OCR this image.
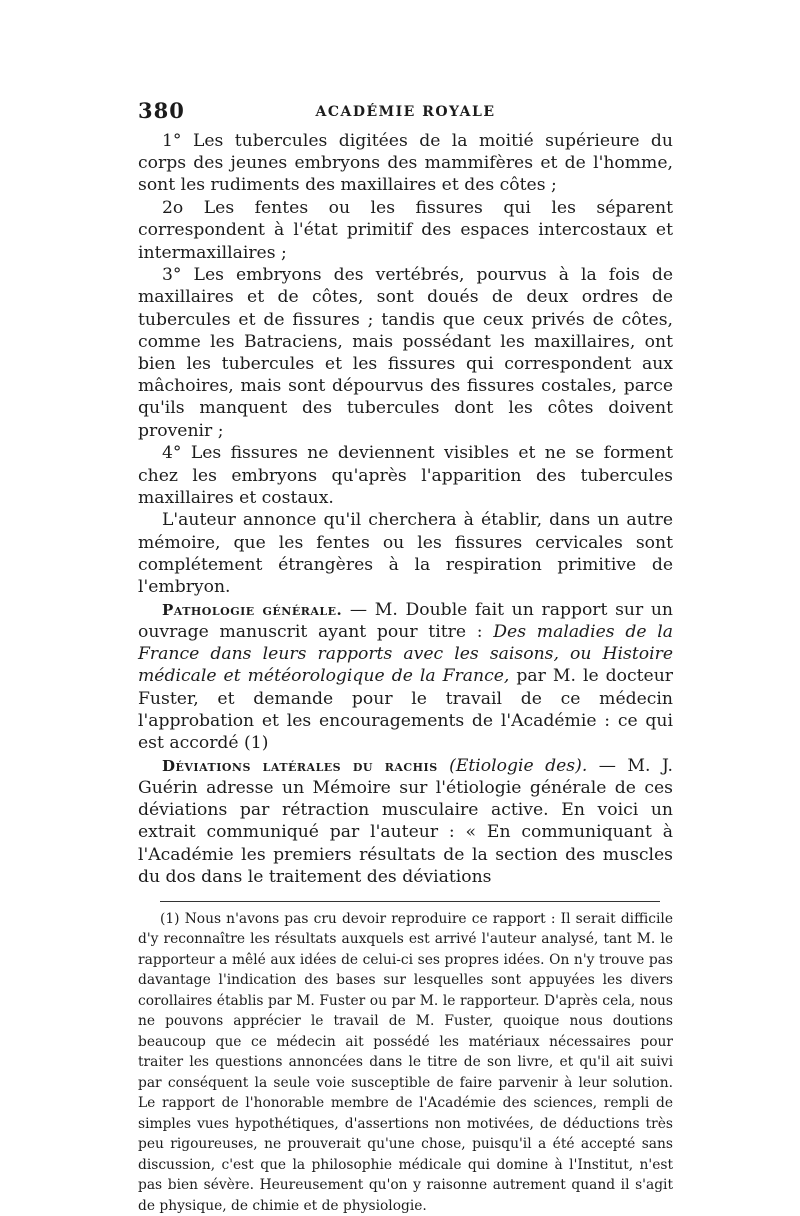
380	ACADÉMIE ROYALE

1° Les tubercules digitées de la moitié supérieure du corps des jeunes embryons des mammifères et de l'homme, sont les rudiments des maxillaires et des côtes ;

2o Les fentes ou les fissures qui les séparent correspondent à l'état primitif des espaces intercostaux et intermaxillaires ;

3° Les embryons des vertébrés, pourvus à la fois de maxillaires et de côtes, sont doués de deux ordres de tubercules et de fissures ; tandis que ceux privés de côtes, comme les Batraciens, mais possédant les maxillaires, ont bien les tubercules et les fissures qui correspondent aux mâchoires, mais sont dépourvus des fissures costales, parce qu'ils manquent des tubercules dont les côtes doivent provenir ;

4° Les fissures ne deviennent visibles et ne se forment chez les embryons qu'après l'apparition des tubercules maxillaires et costaux.

L'auteur annonce qu'il cherchera à établir, dans un autre mémoire, que les fentes ou les fissures cervicales sont complétement étrangères à la respiration primitive de l'embryon.

Pathologie générale. — M. Double fait un rapport sur un ouvrage manuscrit ayant pour titre : Des maladies de la France dans leurs rapports avec les saisons, ou Histoire médicale et météorologique de la France, par M. le docteur Fuster, et demande pour le travail de ce médecin l'approbation et les encouragements de l'Académie : ce qui est accordé (1)

Déviations latérales du rachis (Etiologie des). — M. J. Guérin adresse un Mémoire sur l'étiologie générale de ces déviations par rétraction musculaire active. En voici un extrait communiqué par l'auteur : « En communiquant à l'Académie les premiers résultats de la section des muscles du dos dans le traitement des déviations

(1) Nous n'avons pas cru devoir reproduire ce rapport : Il serait difficile d'y reconnaître les résultats auxquels est arrivé l'auteur analysé, tant M. le rapporteur a mêlé aux idées de celui-ci ses propres idées. On n'y trouve pas davantage l'indication des bases sur lesquelles sont appuyées les divers corollaires établis par M. Fuster ou par M. le rapporteur. D'après cela, nous ne pouvons apprécier le travail de M. Fuster, quoique nous doutions beaucoup que ce médecin ait possédé les matériaux nécessaires pour traiter les questions annoncées dans le titre de son livre, et qu'il ait suivi par conséquent la seule voie susceptible de faire parvenir à leur solution. Le rapport de l'honorable membre de l'Académie des sciences, rempli de simples vues hypothétiques, d'assertions non motivées, de déductions très peu rigoureuses, ne prouverait qu'une chose, puisqu'il a été accepté sans discussion, c'est que la philosophie médicale qui domine à l'Institut, n'est pas bien sévère. Heureusement qu'on y raisonne autrement quand il s'agit de physique, de chimie et de physiologie.
